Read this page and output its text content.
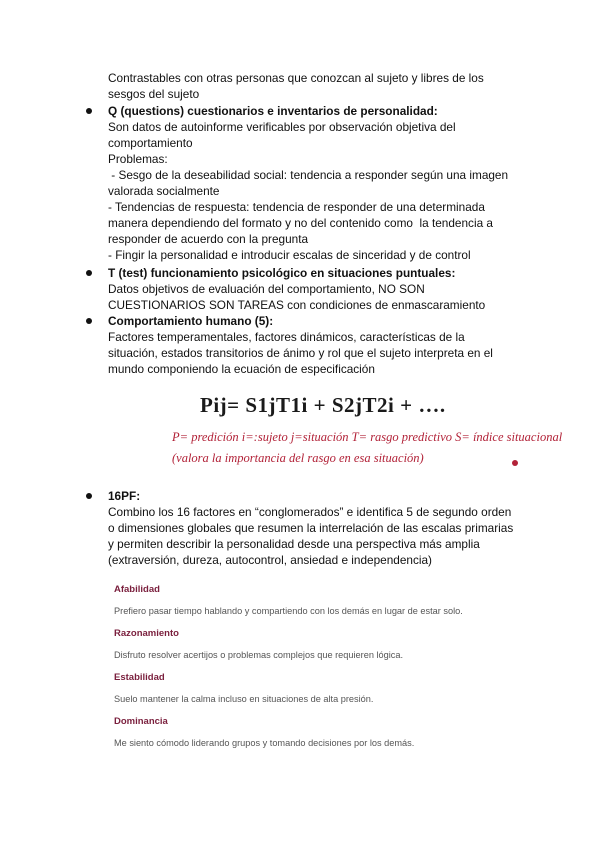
Contrastables con otras personas que conozcan al sujeto y libres de los
sesgos del sujeto
Q (questions) cuestionarios e inventarios de personalidad:
Son datos de autoinforme verificables por observación objetiva del
comportamiento
Problemas:
- Sesgo de la deseabilidad social: tendencia a responder según una imagen
valorada socialmente
- Tendencias de respuesta: tendencia de responder de una determinada
manera dependiendo del formato y no del contenido como  la tendencia a
responder de acuerdo con la pregunta
- Fingir la personalidad e introducir escalas de sinceridad y de control
T (test) funcionamiento psicológico en situaciones puntuales:
Datos objetivos de evaluación del comportamiento, NO SON
CUESTIONARIOS SON TAREAS con condiciones de enmascaramiento
Comportamiento humano (5):
Factores temperamentales, factores dinámicos, características de la
situación, estados transitorios de ánimo y rol que el sujeto interpreta en el
mundo componiendo la ecuación de especificación
Pij= S1jT1i + S2jT2i + ….
P= predición i=:sujeto j=situación T= rasgo predictivo S= índice situacional
(valora la importancia del rasgo en esa situación)
16PF:
Combino los 16 factores en “conglomerados” e identifica 5 de segundo orden
o dimensiones globales que resumen la interrelación de las escalas primarias
y permiten describir la personalidad desde una perspectiva más amplia
(extraversión, dureza, autocontrol, ansiedad e independencia)
Afabilidad
Prefiero pasar tiempo hablando y compartiendo con los demás en lugar de estar solo.
Razonamiento
Disfruto resolver acertijos o problemas complejos que requieren lógica.
Estabilidad
Suelo mantener la calma incluso en situaciones de alta presión.
Dominancia
Me siento cómodo liderando grupos y tomando decisiones por los demás.
